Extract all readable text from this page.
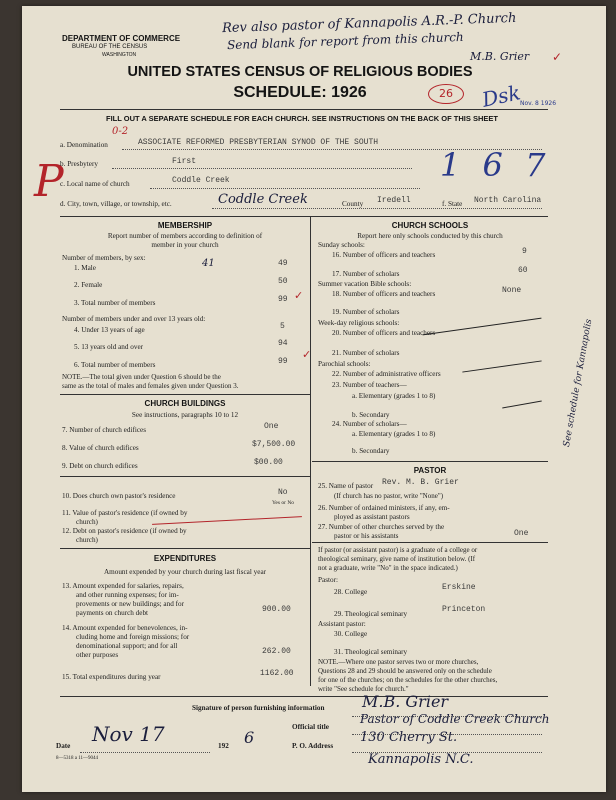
DEPARTMENT OF COMMERCE
BUREAU OF THE CENSUS
WASHINGTON
UNITED STATES CENSUS OF RELIGIOUS BODIES
SCHEDULE: 1926
FILL OUT A SEPARATE SCHEDULE FOR EACH CHURCH. SEE INSTRUCTIONS ON THE BACK OF THIS SHEET
Rev also pastor of Kannapolis A.R.-P. Church
Send blank for report from this church
M.B. Grier ✓
0-2
26	Dsk
Nov. 8 1926
1 6 7
P
See schedule for Kannapolis
a. Denomination	ASSOCIATE REFORMED PRESBYTERIAN SYNOD OF THE SOUTH
b. Presbytery	First
c. Local name of church	Coddle Creek
d. City, town, village, or township, etc.	Coddle Creek	County Iredell	f. State North Carolina
MEMBERSHIP
Report number of members according to definition of
member in your church
Number of members, by sex:
1. Male	41	49
2. Female	50
3. Total number of members	99 ✓
Number of members under and over 13 years old:
4. Under 13 years of age	5
5. 13 years old and over	94
6. Total number of members	99
✓
NOTE.—The total given under Question 6 should be the
same as the total of males and females given under Question 3.
CHURCH BUILDINGS
See instructions, paragraphs 10 to 12
7. Number of church edifices	One
8. Value of church edifices	$7,500.00
9. Debt on church edifices	$00.00
10. Does church own pastor's residence	No
Yes or No
11. Value of pastor's residence (if owned by
church)
12. Debt on pastor's residence (if owned by
church)
EXPENDITURES
Amount expended by your church during last fiscal year
13. Amount expended for salaries, repairs,
and other running expenses; for im-
provements or new buildings; and for
payments on church debt	900.00
14. Amount expended for benevolences, in-
cluding home and foreign missions; for
denominational support; and for all
other purposes	262.00
15. Total expenditures during year	1162.00
CHURCH SCHOOLS
Report here only schools conducted by this church
Sunday schools:
16. Number of officers and teachers	9
17. Number of scholars	60
Summer vacation Bible schools:
18. Number of officers and teachers	None
19. Number of scholars
Week-day religious schools:
20. Number of officers and teachers
21. Number of scholars
Parochial schools:
22. Number of administrative officers
23. Number of teachers—
a. Elementary (grades 1 to 8)
b. Secondary
24. Number of scholars—
a. Elementary (grades 1 to 8)
b. Secondary
PASTOR
25. Name of pastor Rev. M. B. Grier
(If church has no pastor, write "None")
26. Number of ordained ministers, if any, em-
ployed as assistant pastors
27. Number of other churches served by the
pastor or his assistants	One
If pastor (or assistant pastor) is a graduate of a college or
theological seminary, give name of institution below. (If
not a graduate, write "No" in the space indicated.)
Pastor:
28. College	Erskine
29. Theological seminary	Princeton
Assistant pastor:
30. College
31. Theological seminary
NOTE.—Where one pastor serves two or more churches,
Questions 28 and 29 should be answered only on the schedule
for one of the churches; on the schedules for the other churches,
write "See schedule for church."
Signature of person furnishing information M.B. Grier
Official title
Pastor of Coddle Creek Church
Date Nov 17	192 6	P. O. Address
130 Cherry St.
Kannapolis N.C.
8—5318 a 11—9044
